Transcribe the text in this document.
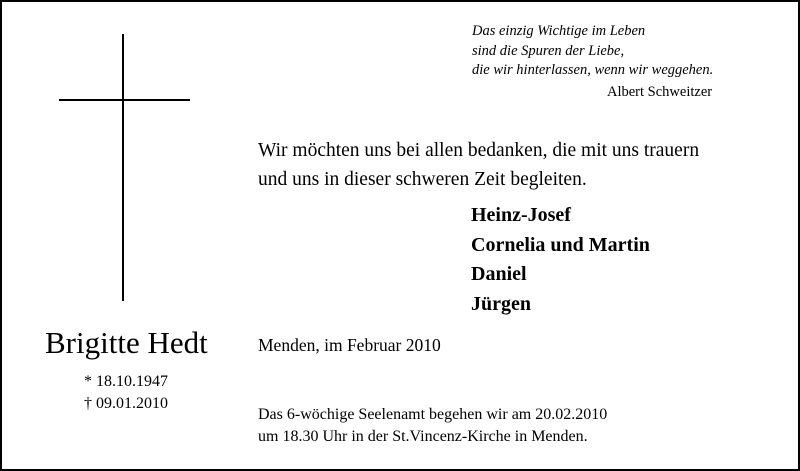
Das einzig Wichtige im Leben
sind die Spuren der Liebe,
die wir hinterlassen, wenn wir weggehen.
Albert Schweitzer
Wir möchten uns bei allen bedanken, die mit uns trauern
und uns in dieser schweren Zeit begleiten.
Heinz-Josef
Cornelia und Martin
Daniel
Jürgen
Brigitte Hedt
* 18.10.1947
† 09.01.2010
Menden, im Februar 2010
Das 6-wöchige Seelenamt begehen wir am 20.02.2010
um 18.30 Uhr in der St.Vincenz-Kirche in Menden.
